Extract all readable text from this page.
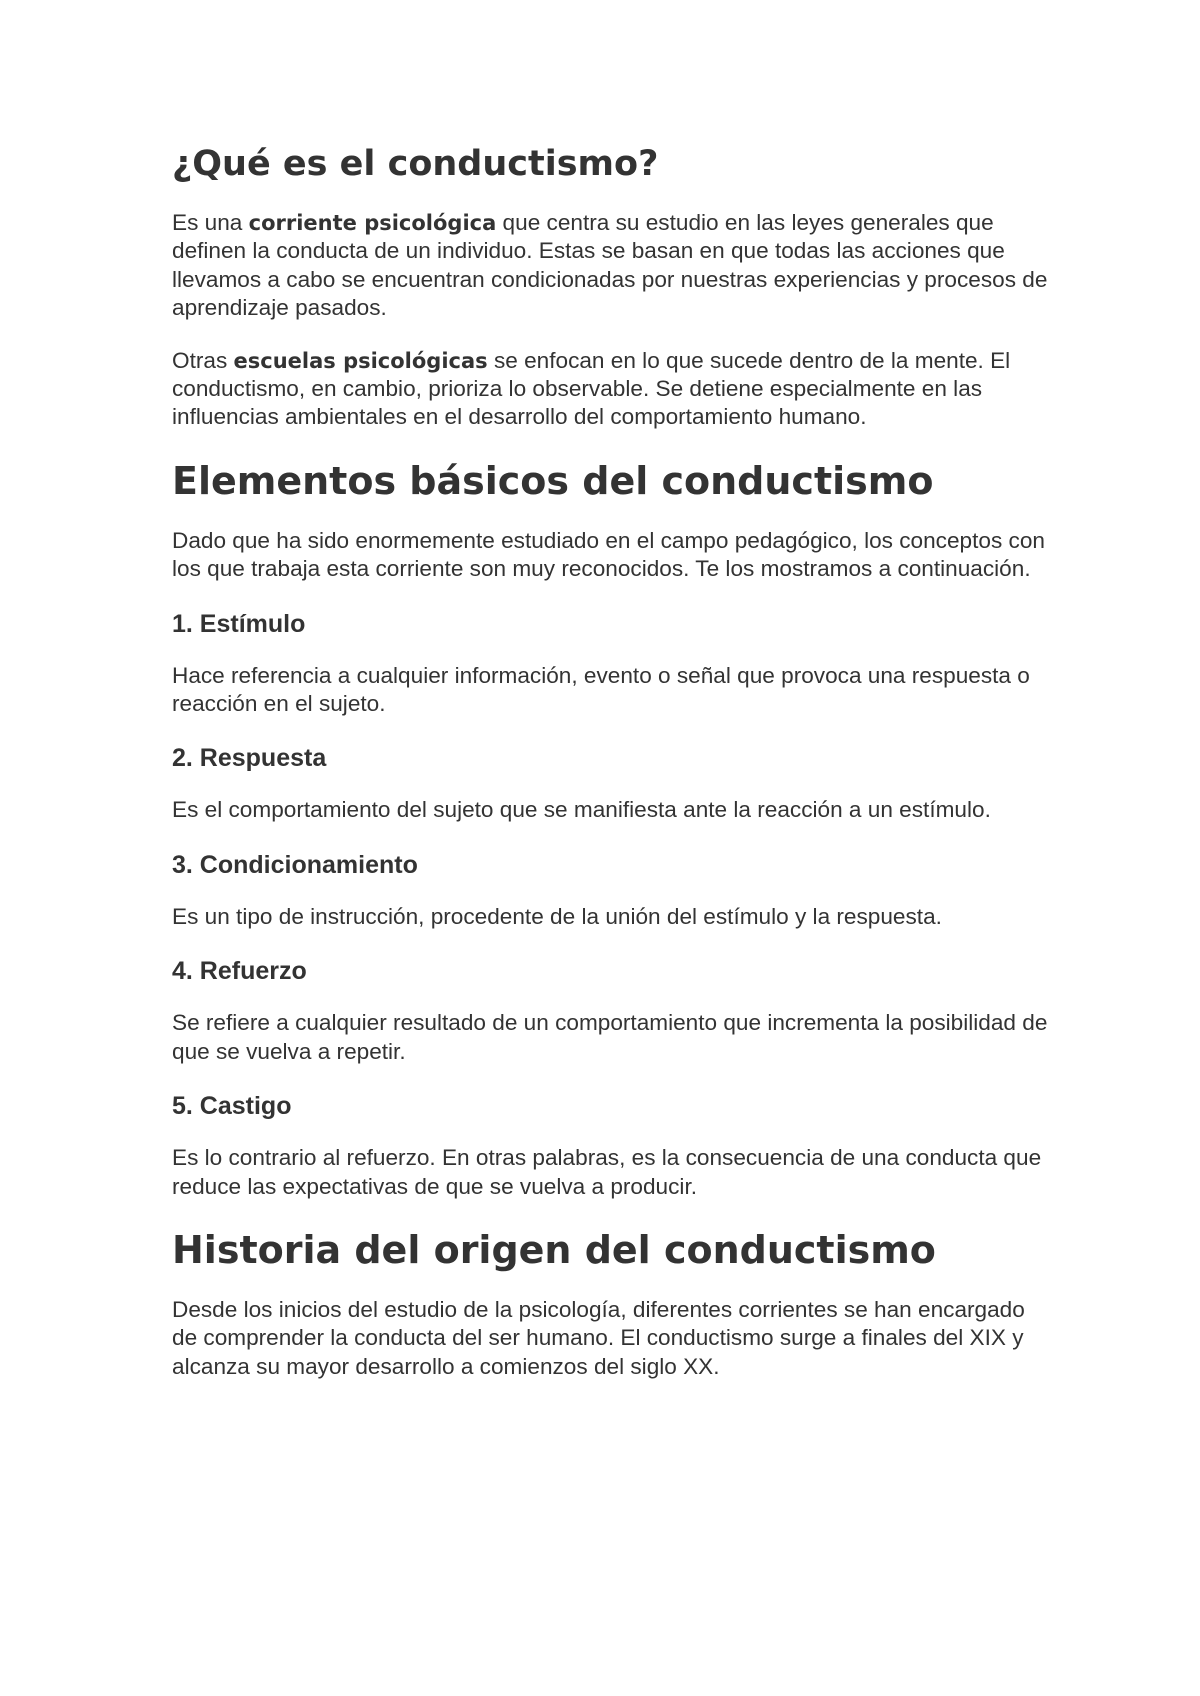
¿Qué es el conductismo?

Es una corriente psicológica que centra su estudio en las leyes generales que definen la conducta de un individuo. Estas se basan en que todas las acciones que llevamos a cabo se encuentran condicionadas por nuestras experiencias y procesos de aprendizaje pasados.

Otras escuelas psicológicas se enfocan en lo que sucede dentro de la mente. El conductismo, en cambio, prioriza lo observable. Se detiene especialmente en las influencias ambientales en el desarrollo del comportamiento humano.

Elementos básicos del conductismo

Dado que ha sido enormemente estudiado en el campo pedagógico, los conceptos con los que trabaja esta corriente son muy reconocidos. Te los mostramos a continuación.

1. Estímulo

Hace referencia a cualquier información, evento o señal que provoca una respuesta o reacción en el sujeto.

2. Respuesta

Es el comportamiento del sujeto que se manifiesta ante la reacción a un estímulo.

3. Condicionamiento

Es un tipo de instrucción, procedente de la unión del estímulo y la respuesta.

4. Refuerzo

Se refiere a cualquier resultado de un comportamiento que incrementa la posibilidad de que se vuelva a repetir.

5. Castigo

Es lo contrario al refuerzo. En otras palabras, es la consecuencia de una conducta que reduce las expectativas de que se vuelva a producir.

Historia del origen del conductismo

Desde los inicios del estudio de la psicología, diferentes corrientes se han encargado de comprender la conducta del ser humano. El conductismo surge a finales del XIX y alcanza su mayor desarrollo a comienzos del siglo XX.
